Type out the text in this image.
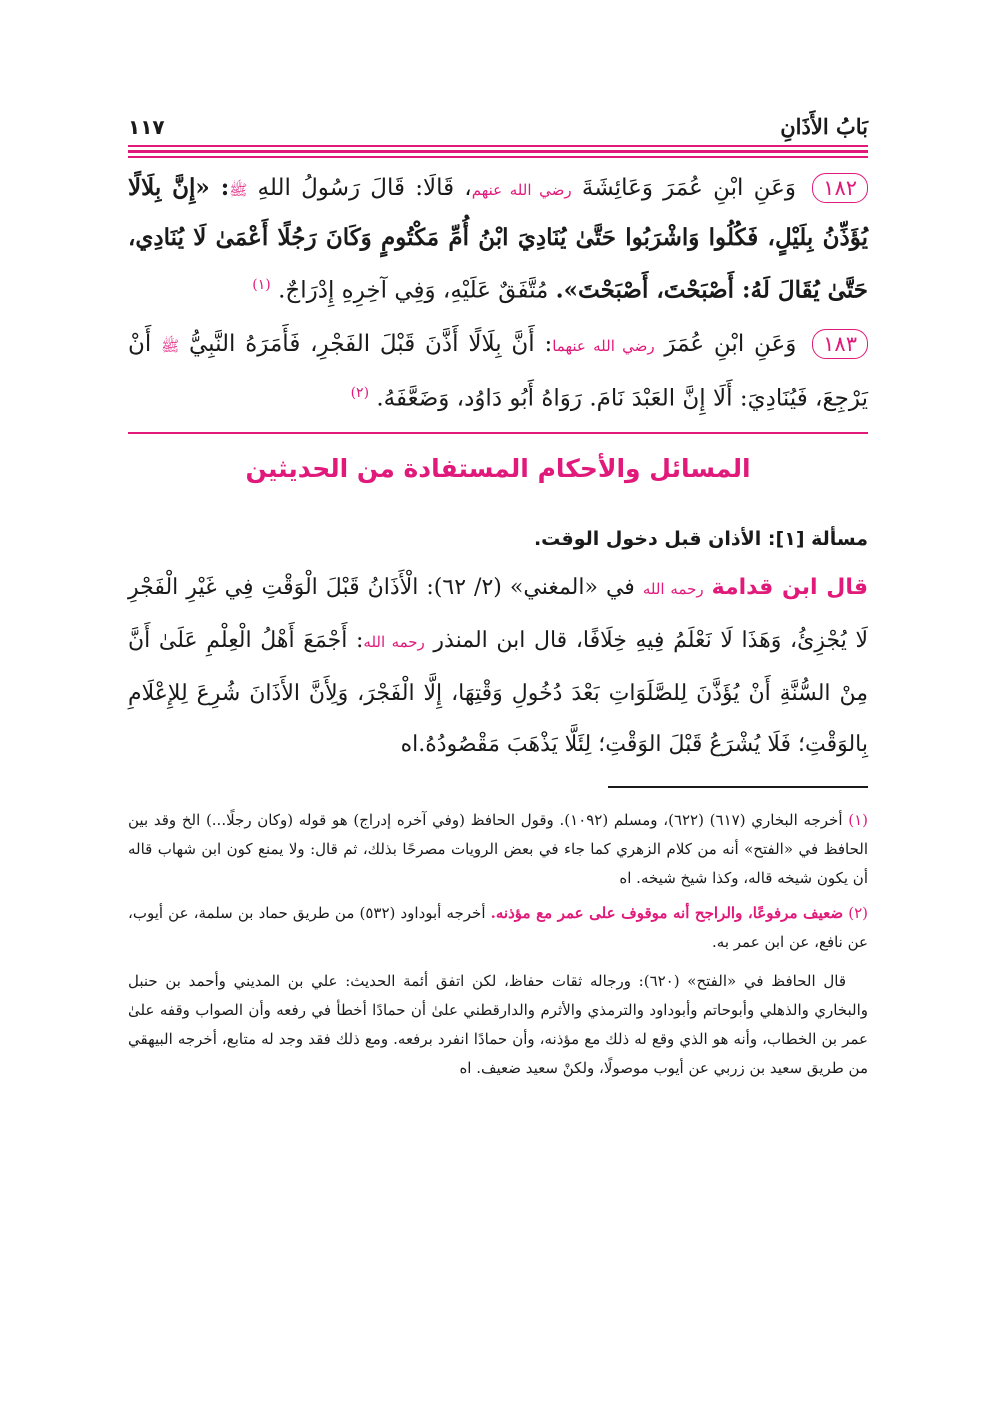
بَابُ الأَذَانِ
١١٧
١٨٢ وَعَنِ ابْنِ عُمَرَ وَعَائِشَةَ رضي الله عنهم، قَالَا: قَالَ رَسُولُ اللهِ ﷺ: «إِنَّ بِلَالًا يُؤَذِّنُ بِلَيْلٍ، فَكُلُوا وَاشْرَبُوا حَتَّىٰ يُنَادِيَ ابْنُ أُمِّ مَكْتُومٍ وَكَانَ رَجُلًا أَعْمَىٰ لَا يُنَادِي، حَتَّىٰ يُقَالَ لَهُ: أَصْبَحْتَ، أَصْبَحْتَ». مُتَّفَقٌ عَلَيْهِ، وَفِي آخِرِهِ إِدْرَاجٌ. $^{(١)}$
١٨٣ وَعَنِ ابْنِ عُمَرَ رضي الله عنهما: أَنَّ بِلَالًا أَذَّنَ قَبْلَ الفَجْرِ، فَأَمَرَهُ النَّبِيُّ ﷺ أَنْ يَرْجِعَ، فَيُنَادِيَ: أَلَا إِنَّ العَبْدَ نَامَ. رَوَاهُ أَبُو دَاوُد، وَضَعَّفَهُ. $^{(٢)}$
المسائل والأحكام المستفادة من الحديثين
مسألة [١]: الأذان قبل دخول الوقت.
قال ابن قدامة رحمه الله في «المغني» (٢/ ٦٢): الْأَذَانُ قَبْلَ الْوَقْتِ فِي غَيْرِ الْفَجْرِ لَا يُجْزِئُ، وَهَذَا لَا نَعْلَمُ فِيهِ خِلَافًا، قال ابن المنذر رحمه الله: أَجْمَعَ أَهْلُ الْعِلْمِ عَلَىٰ أَنَّ مِنْ السُّنَّةِ أَنْ يُؤَذَّنَ لِلصَّلَوَاتِ بَعْدَ دُخُولِ وَقْتِهَا، إِلَّا الْفَجْرَ، وَلِأَنَّ الأَذَانَ شُرِعَ لِلإِعْلَامِ بِالوَقْتِ؛ فَلَا يُشْرَعُ قَبْلَ الوَقْتِ؛ لِئَلَّا يَذْهَبَ مَقْصُودُهُ.اه
(١) أخرجه البخاري (٦١٧) (٦٢٢)، ومسلم (١٠٩٢). وقول الحافظ (وفي آخره إدراج) هو قوله (وكان رجلًا...) الخ وقد بين الحافظ في «الفتح» أنه من كلام الزهري كما جاء في بعض الرويات مصرحًا بذلك، ثم قال: ولا يمنع كون ابن شهاب قاله أن يكون شيخه قاله، وكذا شيخ شيخه. اه
(٢) ضعيف مرفوعًا، والراجح أنه موقوف على عمر مع مؤذنه. أخرجه أبوداود (٥٣٢) من طريق حماد بن سلمة، عن أيوب، عن نافع، عن ابن عمر به.
قال الحافظ في «الفتح» (٦٢٠): ورجاله ثقات حفاظ، لكن اتفق أئمة الحديث: علي بن المديني وأحمد بن حنبل والبخاري والذهلي وأبوحاتم وأبوداود والترمذي والأثرم والدارقطني علىٰ أن حمادًا أخطأ في رفعه وأن الصواب وقفه علىٰ عمر بن الخطاب، وأنه هو الذي وقع له ذلك مع مؤذنه، وأن حمادًا انفرد برفعه. ومع ذلك فقد وجد له متابع، أخرجه البيهقي من طريق سعيد بن زربي عن أيوب موصولًا، ولكنْ سعيد ضعيف. اه
